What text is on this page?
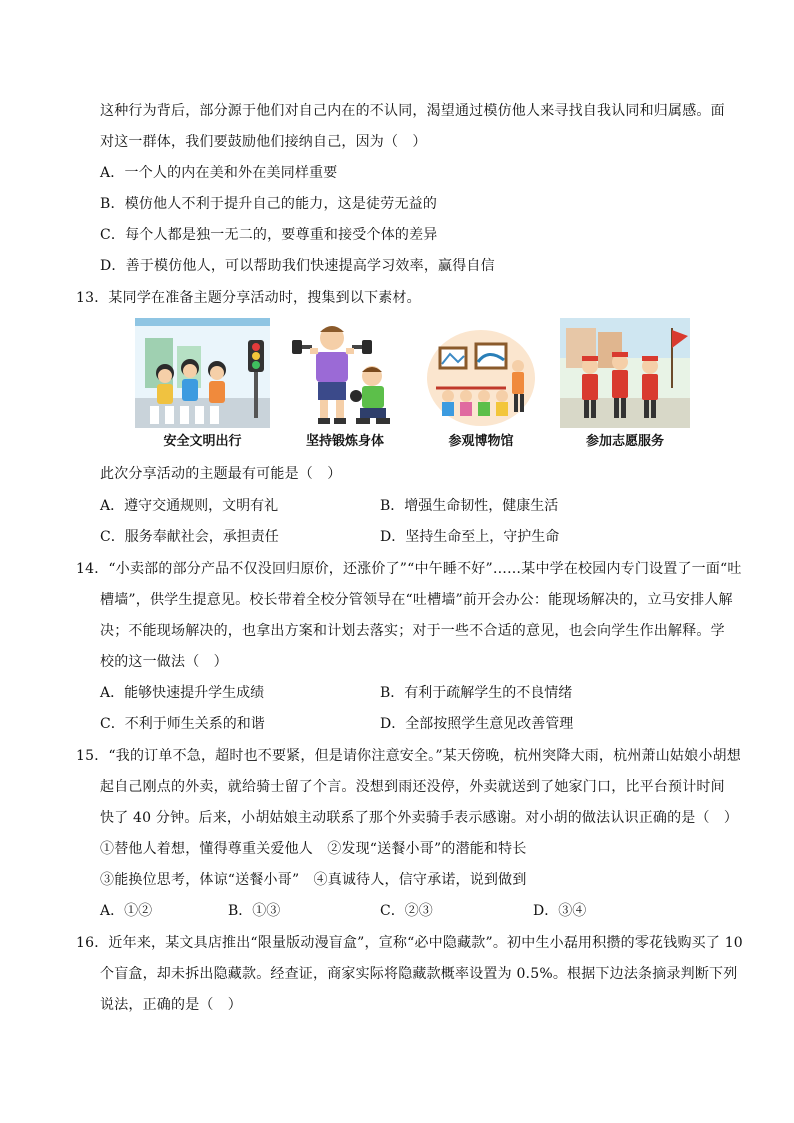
这种行为背后，部分源于他们对自己内在的不认同，渴望通过模仿他人来寻找自我认同和归属感。面
对这一群体，我们要鼓励他们接纳自己，因为（　）
A．一个人的内在美和外在美同样重要
B．模仿他人不利于提升自己的能力，这是徒劳无益的
C．每个人都是独一无二的，要尊重和接受个体的差异
D．善于模仿他人，可以帮助我们快速提高学习效率，赢得自信
13．某同学在准备主题分享活动时，搜集到以下素材。
安全文明出行	坚持锻炼身体	参观博物馆	参加志愿服务
此次分享活动的主题最有可能是（　）
A．遵守交通规则，文明有礼	B．增强生命韧性，健康生活
C．服务奉献社会，承担责任	D．坚持生命至上，守护生命
14．“小卖部的部分产品不仅没回归原价，还涨价了”“中午睡不好”……某中学在校园内专门设置了一面“吐
槽墙”，供学生提意见。校长带着全校分管领导在“吐槽墙”前开会办公：能现场解决的，立马安排人解
决；不能现场解决的，也拿出方案和计划去落实；对于一些不合适的意见，也会向学生作出解释。学
校的这一做法（　）
A．能够快速提升学生成绩	B．有利于疏解学生的不良情绪
C．不利于师生关系的和谐	D．全部按照学生意见改善管理
15．“我的订单不急，超时也不要紧，但是请你注意安全。”某天傍晚，杭州突降大雨，杭州萧山姑娘小胡想
起自己刚点的外卖，就给骑士留了个言。没想到雨还没停，外卖就送到了她家门口，比平台预计时间
快了 40 分钟。后来，小胡姑娘主动联系了那个外卖骑手表示感谢。对小胡的做法认识正确的是（　）
①替他人着想，懂得尊重关爱他人　②发现“送餐小哥”的潜能和特长
③能换位思考，体谅“送餐小哥”　④真诚待人，信守承诺，说到做到
A．①②	B．①③	C．②③	D．③④
16．近年来，某文具店推出“限量版动漫盲盒”，宣称“必中隐藏款”。初中生小磊用积攒的零花钱购买了 10
个盲盒，却未拆出隐藏款。经查证，商家实际将隐藏款概率设置为 0.5%。根据下边法条摘录判断下列
说法，正确的是（　）
